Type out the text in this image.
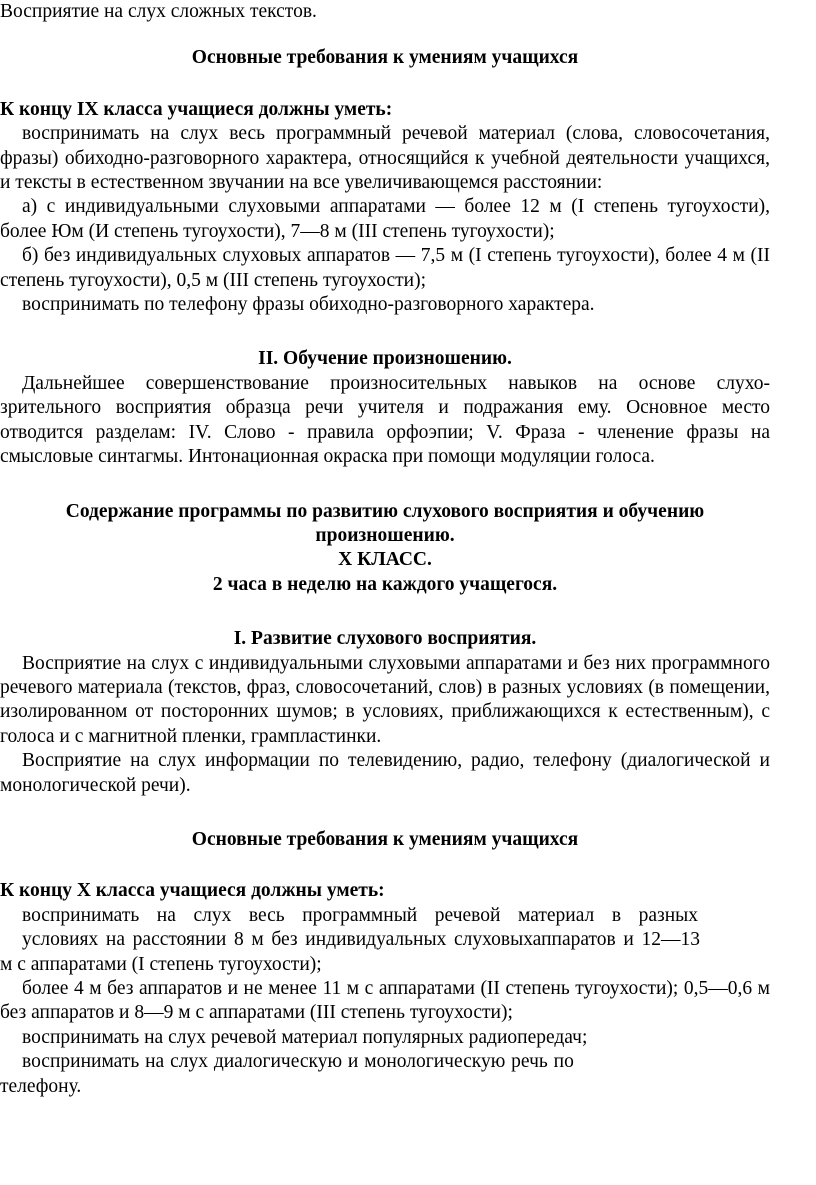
Восприятие на слух сложных текстов.

Основные требования к умениям учащихся

К концу IX класса учащиеся должны уметь:

воспринимать на слух весь программный речевой материал (слова, словосочетания, фразы) обиходно-разговорного характера, относящийся к учебной деятельности учащихся, и тексты в естественном звучании на все увеличивающемся расстоянии:

а) с индивидуальными слуховыми аппаратами — более 12 м (I степень тугоухости), более Юм (И степень тугоухости), 7—8 м (III степень тугоухости);

б) без индивидуальных слуховых аппаратов — 7,5 м (I степень тугоухости), более 4 м (II степень тугоухости), 0,5 м (III степень тугоухости);

воспринимать по телефону фразы обиходно-разговорного характера.

II. Обучение произношению.

Дальнейшее совершенствование произносительных навыков на основе слухо-зрительного восприятия образца речи учителя и подражания ему. Основное место отводится разделам: IV. Слово - правила орфоэпии; V. Фраза - членение фразы на смысловые синтагмы. Интонационная окраска при помощи модуляции голоса.

Содержание программы по развитию слухового восприятия и обучению произношению.

X КЛАСС.

2 часа в неделю на каждого учащегося.

I. Развитие слухового восприятия.

Восприятие на слух с индивидуальными слуховыми аппаратами и без них программного речевого материала (текстов, фраз, словосочетаний, слов) в разных условиях (в помещении, изолированном от посторонних шумов; в условиях, приближающихся к естественным), с голоса и с магнитной пленки, грампластинки.

Восприятие на слух информации по телевидению, радио, телефону (диалогической и монологической речи).

Основные требования к умениям учащихся

К концу X класса учащиеся должны уметь:

воспринимать на слух весь программный речевой материал в разных

условиях на расстоянии 8 м без индивидуальных слуховыхаппаратов и 12—13

м с аппаратами (I степень тугоухости);

более 4 м без аппаратов и не менее 11 м с аппаратами (II степень тугоухости); 0,5—0,6 м без аппаратов и 8—9 м с аппаратами (III степень тугоухости);

воспринимать на слух речевой материал популярных радиопередач;

воспринимать на слух диалогическую и монологическую речь по

телефону.
